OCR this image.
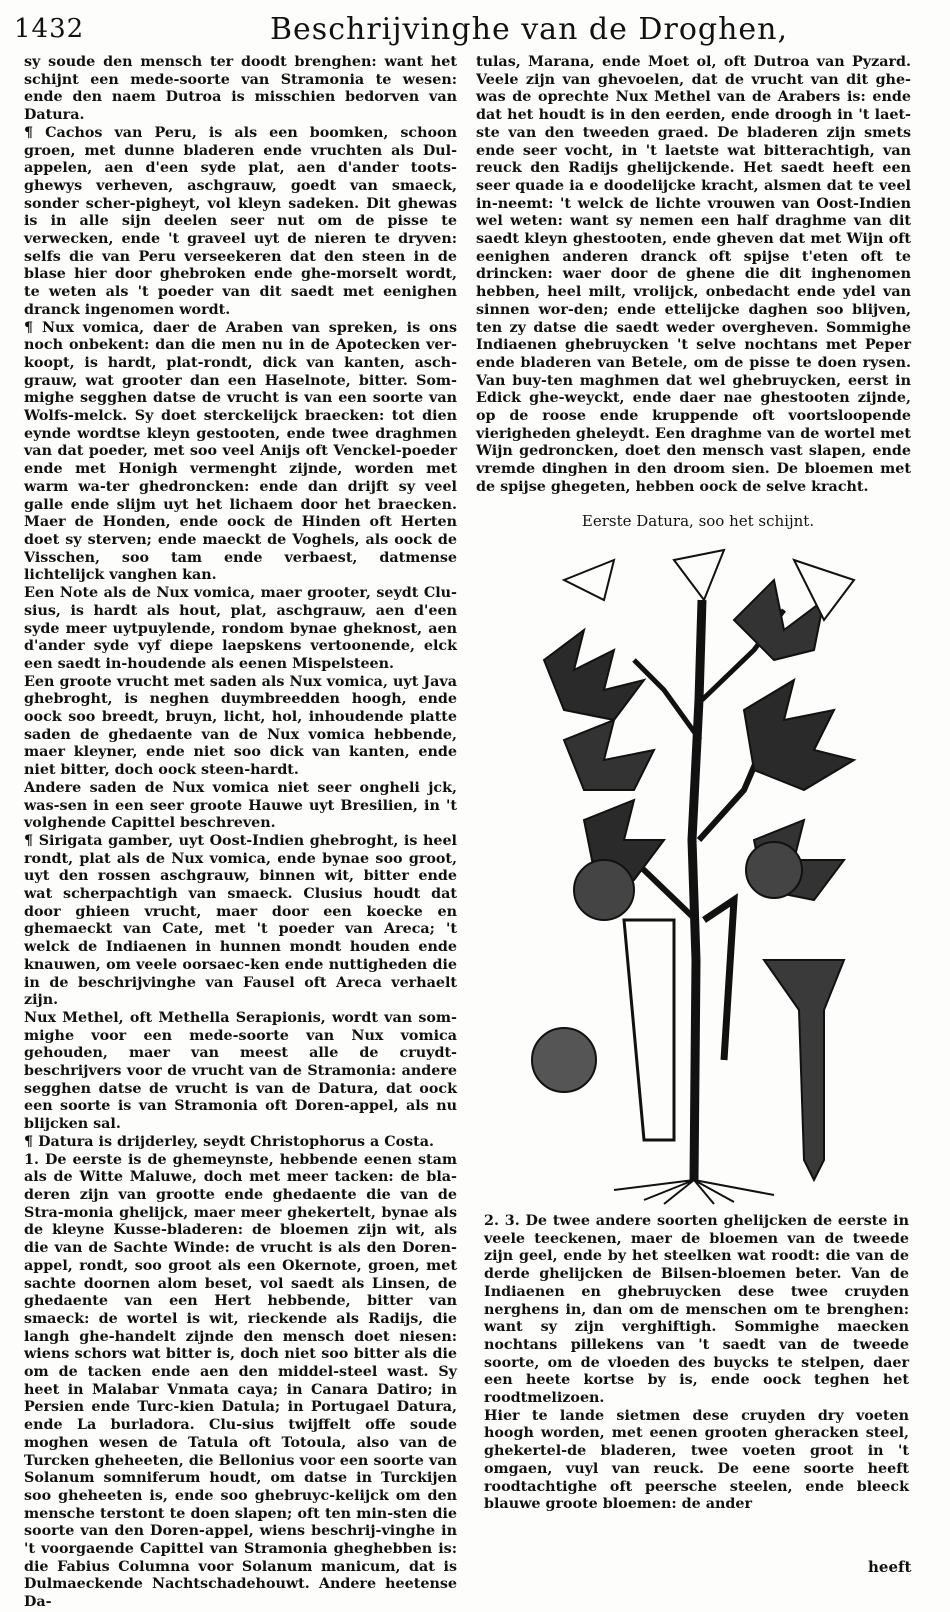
1432	Beschrijvinghe van de Droghen,

sy soude den mensch ter doodt brenghen: want het schijnt een mede-soorte van Stramonia te wesen: ende den naem Dutroa is misschien bedorven van Datura.

¶ Cachos van Peru, is als een boomken, schoon groen, met dunne bladeren ende vruchten als Dul-appelen, aen d'een syde plat, aen d'ander toots-ghewys verheven, aschgrauw, goedt van smaeck, sonder scher-pigheyt, vol kleyn sadeken. Dit ghewas is in alle sijn deelen seer nut om de pisse te verwecken, ende 't graveel uyt de nieren te dryven: selfs die van Peru verseekeren dat den steen in de blase hier door ghebroken ende ghe-morselt wordt, te weten als 't poeder van dit saedt met eenighen dranck ingenomen wordt.

¶ Nux vomica, daer de Araben van spreken, is ons noch onbekent: dan die men nu in de Apotecken ver-koopt, is hardt, plat-rondt, dick van kanten, asch-grauw, wat grooter dan een Haselnote, bitter. Som-mighe segghen datse de vrucht is van een soorte van Wolfs-melck. Sy doet sterckelijck braecken: tot dien eynde wordtse kleyn gestooten, ende twee draghmen van dat poeder, met soo veel Anijs oft Venckel-poeder ende met Honigh vermenght zijnde, worden met warm wa-ter ghedroncken: ende dan drijft sy veel galle ende slijm uyt het lichaem door het braecken. Maer de Honden, ende oock de Hinden oft Herten doet sy sterven; ende maeckt de Voghels, als oock de Visschen, soo tam ende verbaest, datmense lichtelijck vanghen kan.

Een Note als de Nux vomica, maer grooter, seydt Clu-sius, is hardt als hout, plat, aschgrauw, aen d'een syde meer uytpuylende, rondom bynae gheknost, aen d'ander syde vyf diepe laepskens vertoonende, elck een saedt in-houdende als eenen Mispelsteen.

Een groote vrucht met saden als Nux vomica, uyt Java ghebroght, is neghen duymbreedden hoogh, ende oock soo breedt, bruyn, licht, hol, inhoudende platte saden de ghedaente van de Nux vomica hebbende, maer kleyner, ende niet soo dick van kanten, ende niet bitter, doch oock steen-hardt.

Andere saden de Nux vomica niet seer ongheli jck, was-sen in een seer groote Hauwe uyt Bresilien, in 't volghende Capittel beschreven.

¶ Sirigata gamber, uyt Oost-Indien ghebroght, is heel rondt, plat als de Nux vomica, ende bynae soo groot, uyt den rossen aschgrauw, binnen wit, bitter ende wat scherpachtigh van smaeck. Clusius houdt dat door ghieen vrucht, maer door een koecke en ghemaeckt van Cate, met 't poeder van Areca; 't welck de Indiaenen in hunnen mondt houden ende knauwen, om veele oorsaec-ken ende nuttigheden die in de beschrijvinghe van Fausel oft Areca verhaelt zijn.

Nux Methel, oft Methella Serapionis, wordt van som-mighe voor een mede-soorte van Nux vomica gehouden, maer van meest alle de cruydt-beschrijvers voor de vrucht van de Stramonia: andere segghen datse de vrucht is van de Datura, dat oock een soorte is van Stramonia oft Doren-appel, als nu blijcken sal.

¶ Datura is drijderley, seydt Christophorus a Costa.

1. De eerste is de ghemeynste, hebbende eenen stam als de Witte Maluwe, doch met meer tacken: de bla-deren zijn van grootte ende ghedaente die van de Stra-monia ghelijck, maer meer ghekertelt, bynae als de kleyne Kusse-bladeren: de bloemen zijn wit, als die van de Sachte Winde: de vrucht is als den Doren-appel, rondt, soo groot als een Okernote, groen, met sachte doornen alom beset, vol saedt als Linsen, de ghedaente van een Hert hebbende, bitter van smaeck: de wortel is wit, rieckende als Radijs, die langh ghe-handelt zijnde den mensch doet niesen: wiens schors wat bitter is, doch niet soo bitter als die om de tacken ende aen den middel-steel wast. Sy heet in Malabar Vnmata caya; in Canara Datiro; in Persien ende Turc-kien Datula; in Portugael Datura, ende La burladora. Clu-sius twijffelt offe soude moghen wesen de Tatula oft Totoula, also van de Turcken gheheeten, die Bellonius voor een soorte van Solanum somniferum houdt, om datse in Turckijen soo gheheeten is, ende soo ghebruyc-kelijck om den mensche terstont te doen slapen; oft ten min-sten die soorte van den Doren-appel, wiens beschrij-vinghe in 't voorgaende Capittel van Stramonia gheghebben is: die Fabius Columna voor Solanum manicum, dat is Dulmaeckende Nachtschadehouwt. Andere heetense Da-

tulas, Marana, ende Moet ol, oft Dutroa van Pyzard. Veele zijn van ghevoelen, dat de vrucht van dit ghe-was de oprechte Nux Methel van de Arabers is: ende dat het houdt is in den eerden, ende droogh in 't laet-ste van den tweeden graed. De bladeren zijn smets ende seer vocht, in 't laetste wat bitterachtigh, van reuck den Radijs ghelijckende. Het saedt heeft een seer quade ia e doodelijcke kracht, alsmen dat te veel in-neemt: 't welck de lichte vrouwen van Oost-Indien wel weten: want sy nemen een half draghme van dit saedt kleyn ghestooten, ende gheven dat met Wijn oft eenighen anderen dranck oft spijse t'eten oft te drincken: waer door de ghene die dit inghenomen hebben, heel milt, vrolijck, onbedacht ende ydel van sinnen wor-den; ende ettelijcke daghen soo blijven, ten zy datse die saedt weder overgheven. Sommighe Indiaenen ghebruycken 't selve nochtans met Peper ende bladeren van Betele, om de pisse te doen rysen. Van buy-ten maghmen dat wel ghebruycken, eerst in Edick ghe-weyckt, ende daer nae ghestooten zijnde, op de roose ende kruppende oft voortsloopende vierigheden gheleydt. Een draghme van de wortel met Wijn gedroncken, doet den mensch vast slapen, ende vremde dinghen in den droom sien. De bloemen met de spijse ghegeten, hebben oock de selve kracht.

Eerste Datura, soo het schijnt.

2. 3. De twee andere soorten ghelijcken de eerste in veele teeckenen, maer de bloemen van de tweede zijn geel, ende by het steelken wat roodt: die van de derde ghelijcken de Bilsen-bloemen beter. Van de Indiaenen en ghebruycken dese twee cruyden nerghens in, dan om de menschen om te brenghen: want sy zijn verghiftigh. Sommighe maecken nochtans pillekens van 't saedt van de tweede soorte, om de vloeden des buycks te stelpen, daer een heete kortse by is, ende oock teghen het roodtmelizoen.

Hier te lande sietmen dese cruyden dry voeten hoogh worden, met eenen grooten gheracken steel, ghekertel-de bladeren, twee voeten groot in 't omgaen, vuyl van reuck. De eene soorte heeft roodtachtighe oft peersche steelen, ende bleeck blauwe groote bloemen: de ander

heeft
